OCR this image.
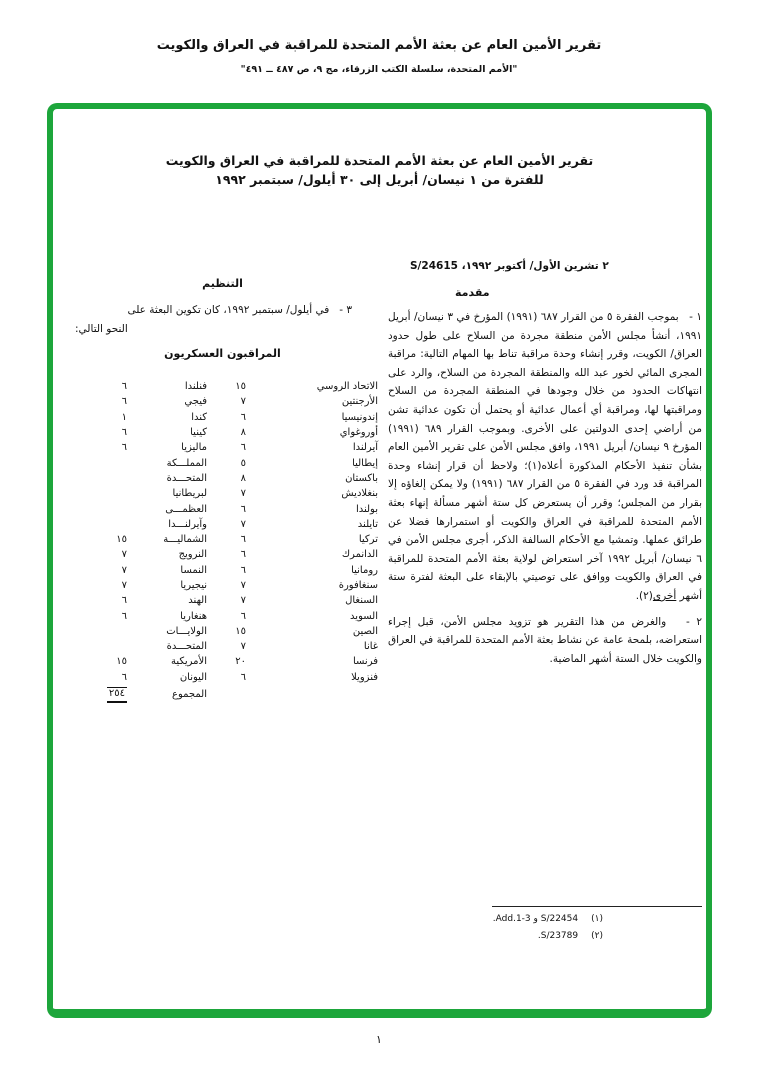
تقرير الأمين العام عن بعثة الأمم المتحدة للمراقبة في العراق والكويت
"الأمم المتحدة، سلسلة الكتب الزرقاء، مج ٩، ص ٤٨٧ ــ ٤٩١"
تقرير الأمين العام عن بعثة الأمم المتحدة للمراقبة في العراق والكويت
للفترة من ١ نيسان/ أبريل إلى ٣٠ أيلول/ سبتمبر ١٩٩٢
٢ تشرين الأول/ أكتوبر ١٩٩٢، S/24615
مقدمة

١ -   بموجب الفقرة ٥ من القرار ٦٨٧ (١٩٩١) المؤرخ في ٣ نيسان/ أبريل ١٩٩١، أنشأ مجلس الأمن منطقة مجردة من السلاح على طول حدود العراق/ الكويت، وقرر إنشاء وحدة مراقبة تناط بها المهام التالية: مراقبة المجرى المائي لخور عبد الله والمنطقة المجردة من السلاح، والرد على انتهاكات الحدود من خلال وجودها في المنطقة المجردة من السلاح ومراقبتها لها، ومراقبة أي أعمال عدائية أو يحتمل أن تكون عدائية تشن من أراضي إحدى الدولتين على الأخرى. وبموجب القرار ٦٨٩ (١٩٩١) المؤرخ ٩ نيسان/ أبريل ١٩٩١، وافق مجلس الأمن على تقرير الأمين العام بشأن تنفيذ الأحكام المذكورة أعلاه(١)؛ ولاحظ أن قرار إنشاء وحدة المراقبة قد ورد في الفقرة ٥ من القرار ٦٨٧ (١٩٩١) ولا يمكن إلغاؤه إلا بقرار من المجلس؛ وقرر أن يستعرض كل ستة أشهر مسألة إنهاء بعثة الأمم المتحدة للمراقبة في العراق والكويت أو استمرارها فضلا عن طرائق عملها. وتمشيا مع الأحكام السالفة الذكر، أجرى مجلس الأمن في ٦ نيسان/ أبريل ١٩٩٢ آخر استعراض لولاية بعثة الأمم المتحدة للمراقبة في العراق والكويت ووافق على توصيتي بالإبقاء على البعثة لفترة ستة أشهر أخرى(٢).

٢ -   والغرض من هذا التقرير هو تزويد مجلس الأمن، قبل إجراء استعراضه، بلمحة عامة عن نشاط بعثة الأمم المتحدة للمراقبة في العراق والكويت خلال الستة أشهر الماضية.

التنظيم
٣ -   في أيلول/ سبتمبر ١٩٩٢، كان تكوين البعثة على
النحو التالي:
المراقبون العسكريون
الاتحاد الروسي
١٥
فنلندا
٦
الأرجنتين
٧
فيجي
٦
إندونيسيا
٦
كندا
١
أوروغواي
٨
كينيا
٦
آيرلندا
٦
ماليزيا
٦
إيطاليا
٥
المملـــكة
باكستان
٨
المتحـــدة
بنغلاديش
٧
لبريطانيا
بولندا
٦
العظمـــى
تايلند
٧
وآيرلنـــدا
تركيا
٦
الشماليـــة
١٥
الدانمرك
٦
النرويج
٧
رومانيا
٦
النمسا
٧
سنغافورة
٧
نيجيريا
٧
السنغال
٧
الهند
٦
السويد
٦
هنغاريا
٦
الصين
١٥
الولايـــات
غانا
٧
المتحـــدة
فرنسا
٢٠
الأمريكية
١٥
فنزويلا
٦
اليونان
٦
المجموع
٢٥٤
(١)
S/22454 و Add.1-3.
(٢)
S/23789.
١
